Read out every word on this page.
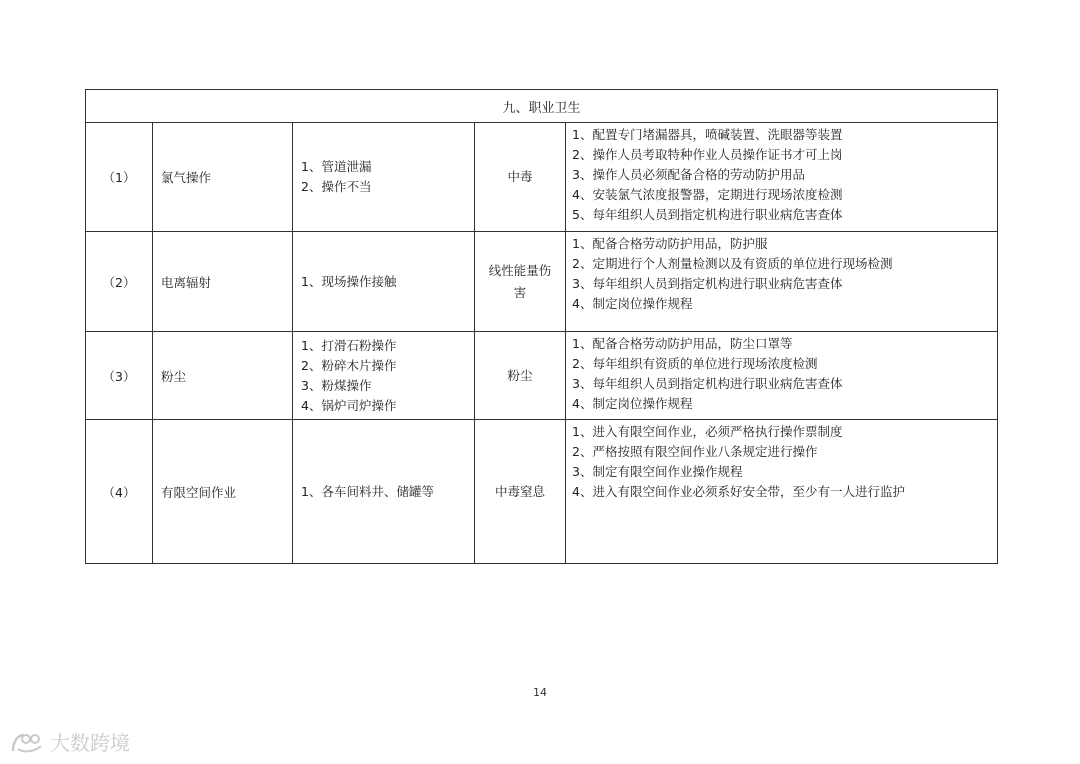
九、职业卫生				
（1）	氯气操作	1、管道泄漏
2、操作不当	中毒	1、配置专门堵漏器具，喷碱装置、洗眼器等装置
2、操作人员考取特种作业人员操作证书才可上岗
3、操作人员必须配备合格的劳动防护用品
4、安装氯气浓度报警器，定期进行现场浓度检测
5、每年组织人员到指定机构进行职业病危害查体

（2）	电离辐射	1、现场操作接触	线性能量伤害	1、配备合格劳动防护用品，防护服
2、定期进行个人剂量检测以及有资质的单位进行现场检测
3、每年组织人员到指定机构进行职业病危害查体
4、制定岗位操作规程

（3）	粉尘	1、打滑石粉操作
2、粉碎木片操作
3、粉煤操作
4、锅炉司炉操作	粉尘	1、配备合格劳动防护用品，防尘口罩等
2、每年组织有资质的单位进行现场浓度检测
3、每年组织人员到指定机构进行职业病危害查体
4、制定岗位操作规程

（4）	有限空间作业	1、各车间料井、储罐等	中毒窒息	1、进入有限空间作业，必须严格执行操作票制度
2、严格按照有限空间作业八条规定进行操作
3、制定有限空间作业操作规程
4、进入有限空间作业必须系好安全带，至少有一人进行监护
14
大数跨境
